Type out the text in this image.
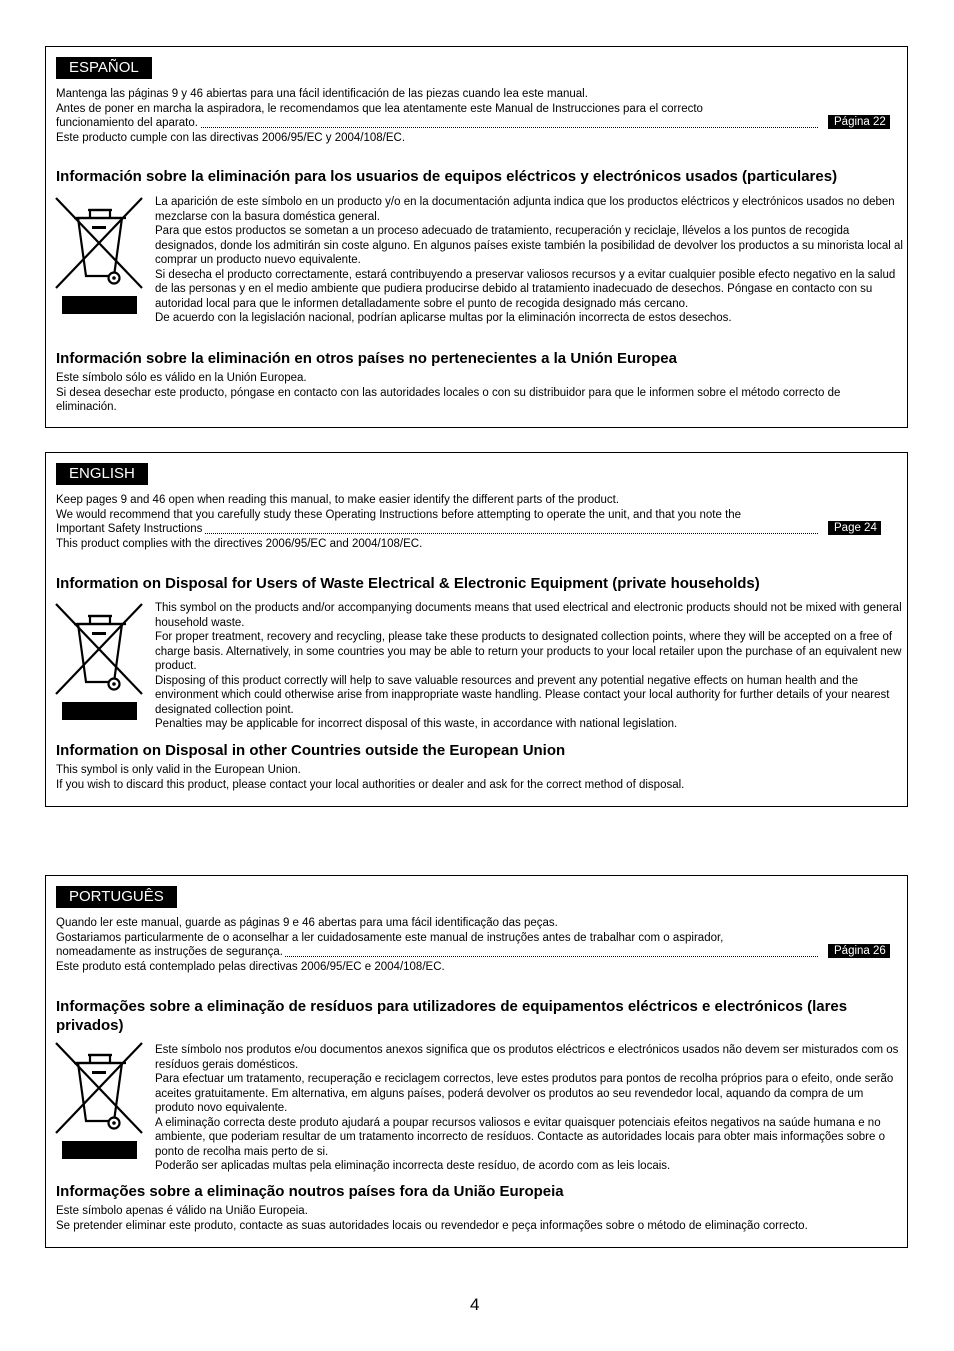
ESPAÑOL
Mantenga las páginas 9 y 46 abiertas para una fácil identificación de las piezas cuando lea este manual.
Antes de poner en marcha la aspiradora, le recomendamos que lea atentamente este Manual de Instrucciones para el correcto
funcionamiento del aparato.
Este producto cumple con las directivas 2006/95/EC y 2004/108/EC.
Página 22
Información sobre la eliminación para los usuarios de equipos eléctricos y electrónicos usados (particulares)

La aparición de este símbolo en un producto y/o en la documentación adjunta indica que los productos eléctricos y electrónicos usados no deben mezclarse con la basura doméstica general.

Para que estos productos se sometan a un proceso adecuado de tratamiento, recuperación y reciclaje, llévelos a los puntos de recogida designados, donde los admitirán sin coste alguno. En algunos países existe también la posibilidad de devolver los productos a su minorista local al comprar un producto nuevo equivalente.

Si desecha el producto correctamente, estará contribuyendo a preservar valiosos recursos y a evitar cualquier posible efecto negativo en la salud de las personas y en el medio ambiente que pudiera producirse debido al tratamiento inadecuado de desechos. Póngase en contacto con su autoridad local para que le informen detalladamente sobre el punto de recogida designado más cercano.

De acuerdo con la legislación nacional, podrían aplicarse multas por la eliminación incorrecta de estos desechos.

Información sobre la eliminación en otros países no pertenecientes a la Unión Europea

Este símbolo sólo es válido en la Unión Europea.

Si desea desechar este producto, póngase en contacto con las autoridades locales o con su distribuidor para que le informen sobre el método correcto de eliminación.

ENGLISH
Keep pages 9 and 46 open when reading this manual, to make easier identify the different parts of the product.
We would recommend that you carefully study these Operating Instructions before attempting to operate the unit, and that you note the
Important Safety Instructions
This product complies with the directives 2006/95/EC and 2004/108/EC.
Page 24
Information on Disposal for Users of Waste Electrical & Electronic Equipment (private households)

This symbol on the products and/or accompanying documents means that used electrical and electronic products should not be mixed with general household waste.

For proper treatment, recovery and recycling, please take these products to designated collection points, where they will be accepted on a free of charge basis. Alternatively, in some countries you may be able to return your products to your local retailer upon the purchase of an equivalent new product.

Disposing of this product correctly will help to save valuable resources and prevent any potential negative effects on human health and the environment which could otherwise arise from inappropriate waste handling. Please contact your local authority for further details of your nearest designated collection point.

Penalties may be applicable for incorrect disposal of this waste, in accordance with national legislation.

Information on Disposal in other Countries outside the European Union

This symbol is only valid in the European Union.

If you wish to discard this product, please contact your local authorities or dealer and ask for the correct method of disposal.

PORTUGUÊS
Quando ler este manual, guarde as páginas 9 e 46 abertas para uma fácil identificação das peças.
Gostariamos particularmente de o aconselhar a ler cuidadosamente este manual de instruções antes de trabalhar com o aspirador,
nomeadamente as instruções de segurança.
Este produto está contemplado pelas directivas 2006/95/EC e 2004/108/EC.
Página 26
Informações sobre a eliminação de resíduos para utilizadores de equipamentos eléctricos e electrónicos (lares privados)

Este símbolo nos produtos e/ou documentos anexos significa que os produtos eléctricos e electrónicos usados não devem ser misturados com os resíduos gerais domésticos.

Para efectuar um tratamento, recuperação e reciclagem correctos, leve estes produtos para pontos de recolha próprios para o efeito, onde serão aceites gratuitamente. Em alternativa, em alguns países, poderá devolver os produtos ao seu revendedor local, aquando da compra de um produto novo equivalente.

A eliminação correcta deste produto ajudará a poupar recursos valiosos e evitar quaisquer potenciais efeitos negativos na saúde humana e no ambiente, que poderiam resultar de um tratamento incorrecto de resíduos. Contacte as autoridades locais para obter mais informações sobre o ponto de recolha mais perto de si.

Poderão ser aplicadas multas pela eliminação incorrecta deste resíduo, de acordo com as leis locais.

Informações sobre a eliminação noutros países fora da União Europeia

Este símbolo apenas é válido na União Europeia.

Se pretender eliminar este produto, contacte as suas autoridades locais ou revendedor e peça informações sobre o método de eliminação correcto.

4
